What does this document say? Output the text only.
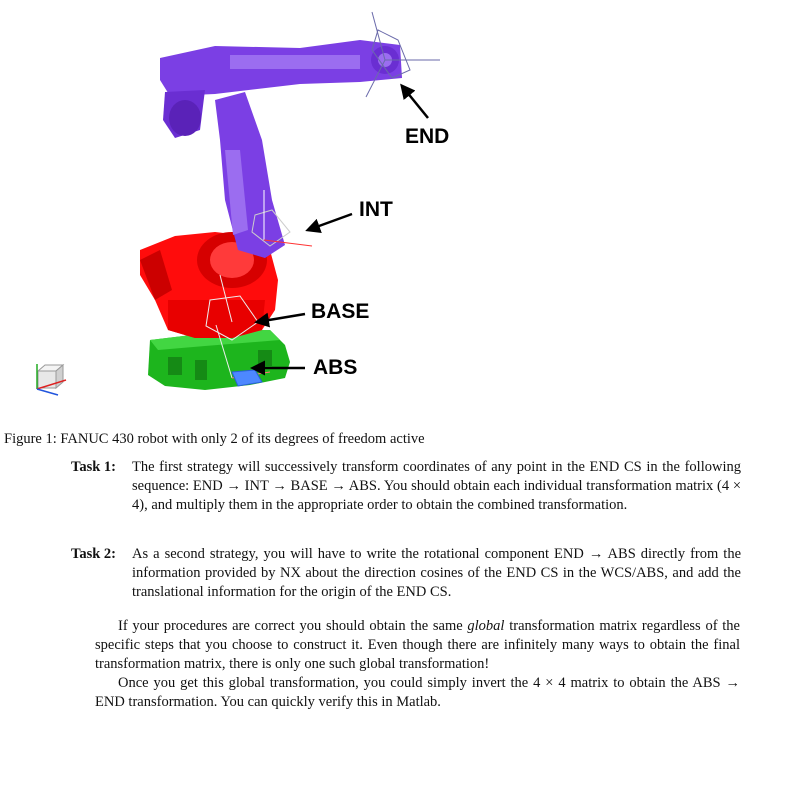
END
INT
BASE
ABS
Figure 1: FANUC 430 robot with only 2 of its degrees of freedom active
Task 1: The first strategy will successively transform coordinates of any point in the END CS in the following sequence: END → INT → BASE → ABS. You should obtain each individual transformation matrix (4 × 4), and multiply them in the appropriate order to obtain the combined transformation.
Task 2: As a second strategy, you will have to write the rotational component END → ABS directly from the information provided by NX about the direction cosines of the END CS in the WCS/ABS, and add the translational information for the origin of the END CS.
If your procedures are correct you should obtain the same global transformation matrix regardless of the specific steps that you choose to construct it. Even though there are infinitely many ways to obtain the final transformation matrix, there is only one such global transformation!
Once you get this global transformation, you could simply invert the 4 × 4 matrix to obtain the ABS → END transformation. You can quickly verify this in Matlab.
